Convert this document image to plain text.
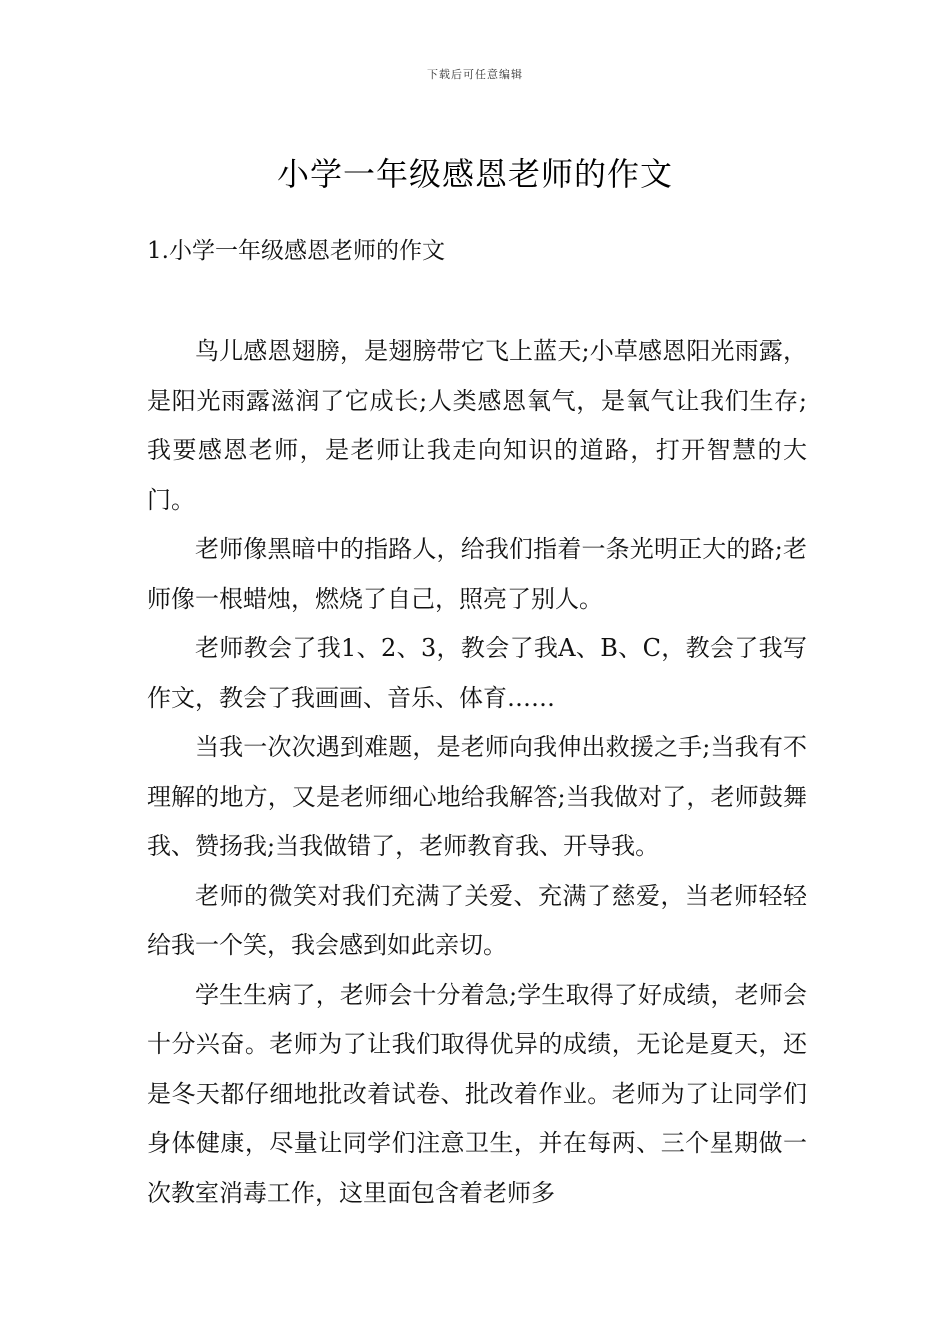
下载后可任意编辑
小学一年级感恩老师的作文
1.小学一年级感恩老师的作文

鸟儿感恩翅膀，是翅膀带它飞上蓝天;小草感恩阳光雨露，是阳光雨露滋润了它成长;人类感恩氧气，是氧气让我们生存;我要感恩老师，是老师让我走向知识的道路，打开智慧的大门。

老师像黑暗中的指路人，给我们指着一条光明正大的路;老师像一根蜡烛，燃烧了自己，照亮了别人。

老师教会了我1、2、3，教会了我A、B、C，教会了我写作文，教会了我画画、音乐、体育……

当我一次次遇到难题，是老师向我伸出救援之手;当我有不理解的地方，又是老师细心地给我解答;当我做对了，老师鼓舞我、赞扬我;当我做错了，老师教育我、开导我。

老师的微笑对我们充满了关爱、充满了慈爱，当老师轻轻给我一个笑，我会感到如此亲切。

学生生病了，老师会十分着急;学生取得了好成绩，老师会十分兴奋。老师为了让我们取得优异的成绩，无论是夏天，还是冬天都仔细地批改着试卷、批改着作业。老师为了让同学们身体健康，尽量让同学们注意卫生，并在每两、三个星期做一次教室消毒工作，这里面包含着老师多
